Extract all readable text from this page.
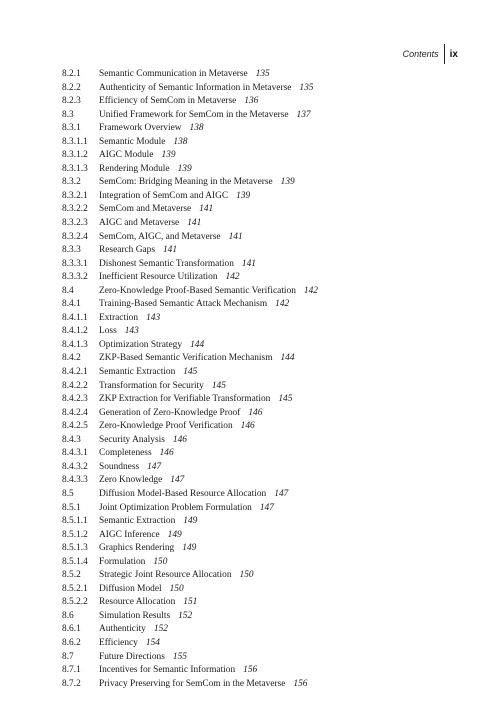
Contents	ix
8.2.1	Semantic Communication in Metaverse 135
8.2.2	Authenticity of Semantic Information in Metaverse 135
8.2.3	Efficiency of SemCom in Metaverse 136
8.3	Unified Framework for SemCom in the Metaverse 137
8.3.1	Framework Overview 138
8.3.1.1	Semantic Module 138
8.3.1.2	AIGC Module 139
8.3.1.3	Rendering Module 139
8.3.2	SemCom: Bridging Meaning in the Metaverse 139
8.3.2.1	Integration of SemCom and AIGC 139
8.3.2.2	SemCom and Metaverse 141
8.3.2.3	AIGC and Metaverse 141
8.3.2.4	SemCom, AIGC, and Metaverse 141
8.3.3	Research Gaps 141
8.3.3.1	Dishonest Semantic Transformation 141
8.3.3.2	Inefficient Resource Utilization 142
8.4	Zero-Knowledge Proof-Based Semantic Verification 142
8.4.1	Training-Based Semantic Attack Mechanism 142
8.4.1.1	Extraction 143
8.4.1.2	Loss 143
8.4.1.3	Optimization Strategy 144
8.4.2	ZKP-Based Semantic Verification Mechanism 144
8.4.2.1	Semantic Extraction 145
8.4.2.2	Transformation for Security 145
8.4.2.3	ZKP Extraction for Verifiable Transformation 145
8.4.2.4	Generation of Zero-Knowledge Proof 146
8.4.2.5	Zero-Knowledge Proof Verification 146
8.4.3	Security Analysis 146
8.4.3.1	Completeness 146
8.4.3.2	Soundness 147
8.4.3.3	Zero Knowledge 147
8.5	Diffusion Model-Based Resource Allocation 147
8.5.1	Joint Optimization Problem Formulation 147
8.5.1.1	Semantic Extraction 149
8.5.1.2	AIGC Inference 149
8.5.1.3	Graphics Rendering 149
8.5.1.4	Formulation 150
8.5.2	Strategic Joint Resource Allocation 150
8.5.2.1	Diffusion Model 150
8.5.2.2	Resource Allocation 151
8.6	Simulation Results 152
8.6.1	Authenticity 152
8.6.2	Efficiency 154
8.7	Future Directions 155
8.7.1	Incentives for Semantic Information 156
8.7.2	Privacy Preserving for SemCom in the Metaverse 156
